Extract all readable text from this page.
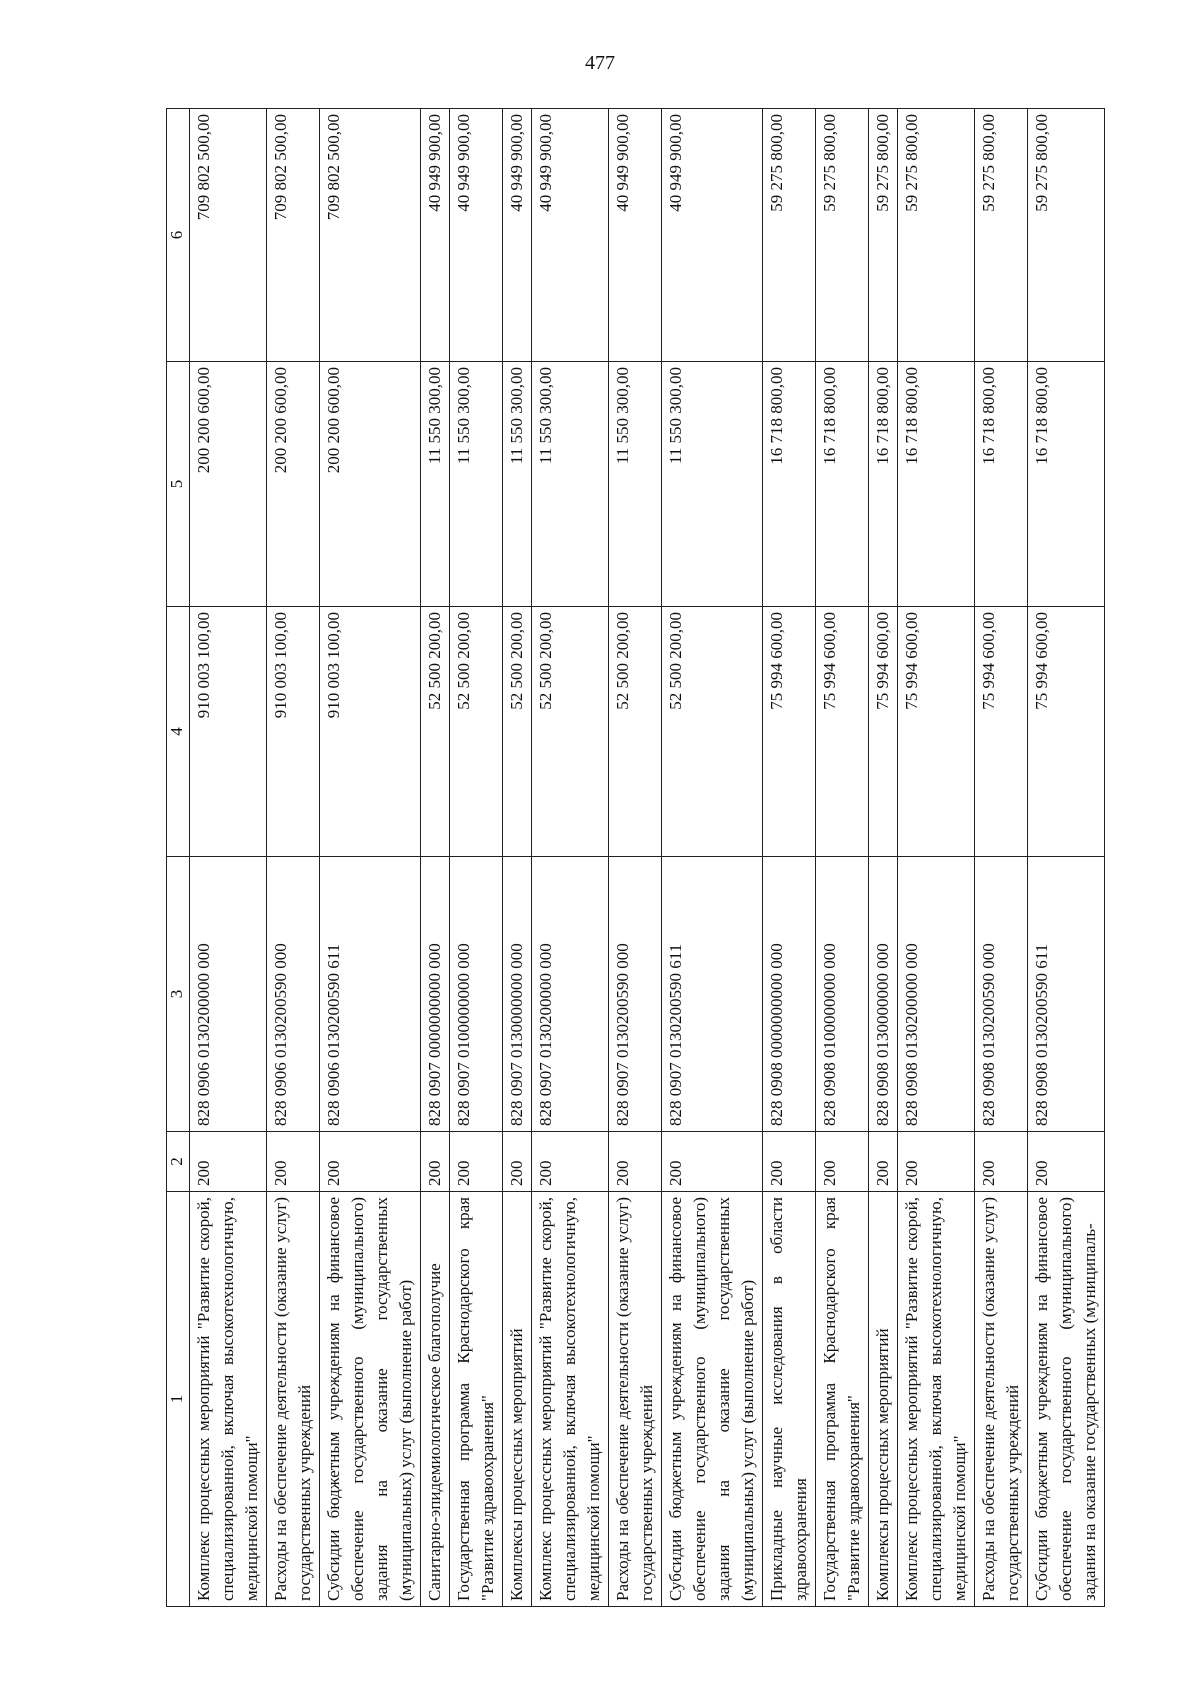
477
1	2	3	4	5	6
Комплекс процессных мероприятий "Развитие скорой, специализированной, включая высокотехнологичную, медицинской помощи"	200	828 0906 0130200000 000	910 003 100,00	200 200 600,00	709 802 500,00
Расходы на обеспечение деятельности (оказание услуг) государственных учреждений	200	828 0906 0130200590 000	910 003 100,00	200 200 600,00	709 802 500,00
Субсидии бюджетным учреждениям на финансовое обеспечение государственного (муниципального) задания на оказание государственных (муниципальных) услуг (выполнение работ)	200	828 0906 0130200590 611	910 003 100,00	200 200 600,00	709 802 500,00
Санитарно-эпидемиологическое благополучие	200	828 0907 0000000000 000	52 500 200,00	11 550 300,00	40 949 900,00
Государственная программа Краснодарского края "Развитие здравоохранения"	200	828 0907 0100000000 000	52 500 200,00	11 550 300,00	40 949 900,00
Комплексы процессных мероприятий	200	828 0907 0130000000 000	52 500 200,00	11 550 300,00	40 949 900,00
Комплекс процессных мероприятий "Развитие скорой, специализированной, включая высокотехнологичную, медицинской помощи"	200	828 0907 0130200000 000	52 500 200,00	11 550 300,00	40 949 900,00
Расходы на обеспечение деятельности (оказание услуг) государственных учреждений	200	828 0907 0130200590 000	52 500 200,00	11 550 300,00	40 949 900,00
Субсидии бюджетным учреждениям на финансовое обеспечение государственного (муниципального) задания на оказание государственных (муниципальных) услуг (выполнение работ)	200	828 0907 0130200590 611	52 500 200,00	11 550 300,00	40 949 900,00
Прикладные научные исследования в области здравоохранения	200	828 0908 0000000000 000	75 994 600,00	16 718 800,00	59 275 800,00
Государственная программа Краснодарского края "Развитие здравоохранения"	200	828 0908 0100000000 000	75 994 600,00	16 718 800,00	59 275 800,00
Комплексы процессных мероприятий	200	828 0908 0130000000 000	75 994 600,00	16 718 800,00	59 275 800,00
Комплекс процессных мероприятий "Развитие скорой, специализированной, включая высокотехнологичную, медицинской помощи"	200	828 0908 0130200000 000	75 994 600,00	16 718 800,00	59 275 800,00
Расходы на обеспечение деятельности (оказание услуг) государственных учреждений	200	828 0908 0130200590 000	75 994 600,00	16 718 800,00	59 275 800,00
Субсидии бюджетным учреждениям на финансовое обеспечение государственного (муниципального) задания на оказание государственных (муниципаль-	200	828 0908 0130200590 611	75 994 600,00	16 718 800,00	59 275 800,00
